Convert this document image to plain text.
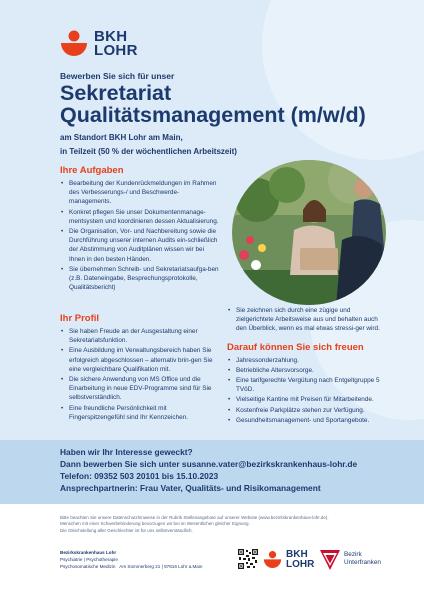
BKH
LOHR
Bewerben Sie sich für unser
Sekretariat
Qualitätsmanagement (m/w/d)
am Standort BKH Lohr am Main,
in Teilzeit (50 % der wöchentlichen Arbeitszeit)
Ihre Aufgaben
• Bearbeitung der Kundenrückmeldungen im Rahmen des Verbesserungs-/ und Beschwerde-managements.
• Konkret pflegen Sie unser Dokumentenmanage-mentsystem und koordinieren dessen Aktualisierung.
• Die Organisation, Vor- und Nachbereitung sowie die Durchführung unserer internen Audits ein-schließlich der Abstimmung von Auditplänen wissen wir bei Ihnen in den besten Händen.
• Sie übernehmen Schreib- und Sekretariatsaufga-ben (z.B. Dateneingabe, Besprechungsprotokolle, Qualitätsbericht)
Ihr Profil
• Sie haben Freude an der Ausgestaltung einer Sekretariatsfunktion.
• Eine Ausbildung im Verwaltungsbereich haben Sie erfolgreich abgeschlossen – alternativ brin-gen Sie eine vergleichbare Qualifikation mit.
• Die sichere Anwendung von MS Office und die Einarbeitung in neue EDV-Programme sind für Sie selbstverständlich.
• Eine freundliche Persönlichkeit mit Fingerspitzengefühl sind Ihr Kennzeichen.
• Sie zeichnen sich durch eine zügige und zielgerichtete Arbeitsweise aus und behalten auch den Überblick, wenn es mal etwas stressi-ger wird.
Darauf können Sie sich freuen
• Jahressonderzahlung.
• Betriebliche Altersvorsorge.
• Eine tarifgerechte Vergütung nach Entgeltgruppe 5 TVöD.
• Vielseitige Kantine mit Preisen für Mitarbeitende.
• Kostenfreie Parkplätze stehen zur Verfügung.
• Gesundheitsmanagement- und Sportangebote.
Haben wir Ihr Interesse geweckt?
Dann bewerben Sie sich unter susanne.vater@bezirkskrankenhaus-lohr.de
Telefon: 09352 503 20101 bis 15.10.2023
Ansprechpartnerin: Frau Vater, Qualitäts- und Risikomanagement
Bitte beachten Sie unsere Datenschutzhinweise in der Rubrik Stellenangebote auf unserer Website (www.bezirkskrankenhaus-lohr.de).
Menschen mit einer Schwerbehinderung bevorzugen wir bei im Wesentlichen gleicher Eignung.
Die Gleichstellung aller Geschlechter ist für uns selbstverständlich.
Bezirkskrankenhaus Lohr
Psychiatrie | Psychotherapie
Psychosomatische Medizin Am Sommerberg 21 | 97816 Lohr a.Main
BKH
LOHR
Bezirk
Unterfranken
